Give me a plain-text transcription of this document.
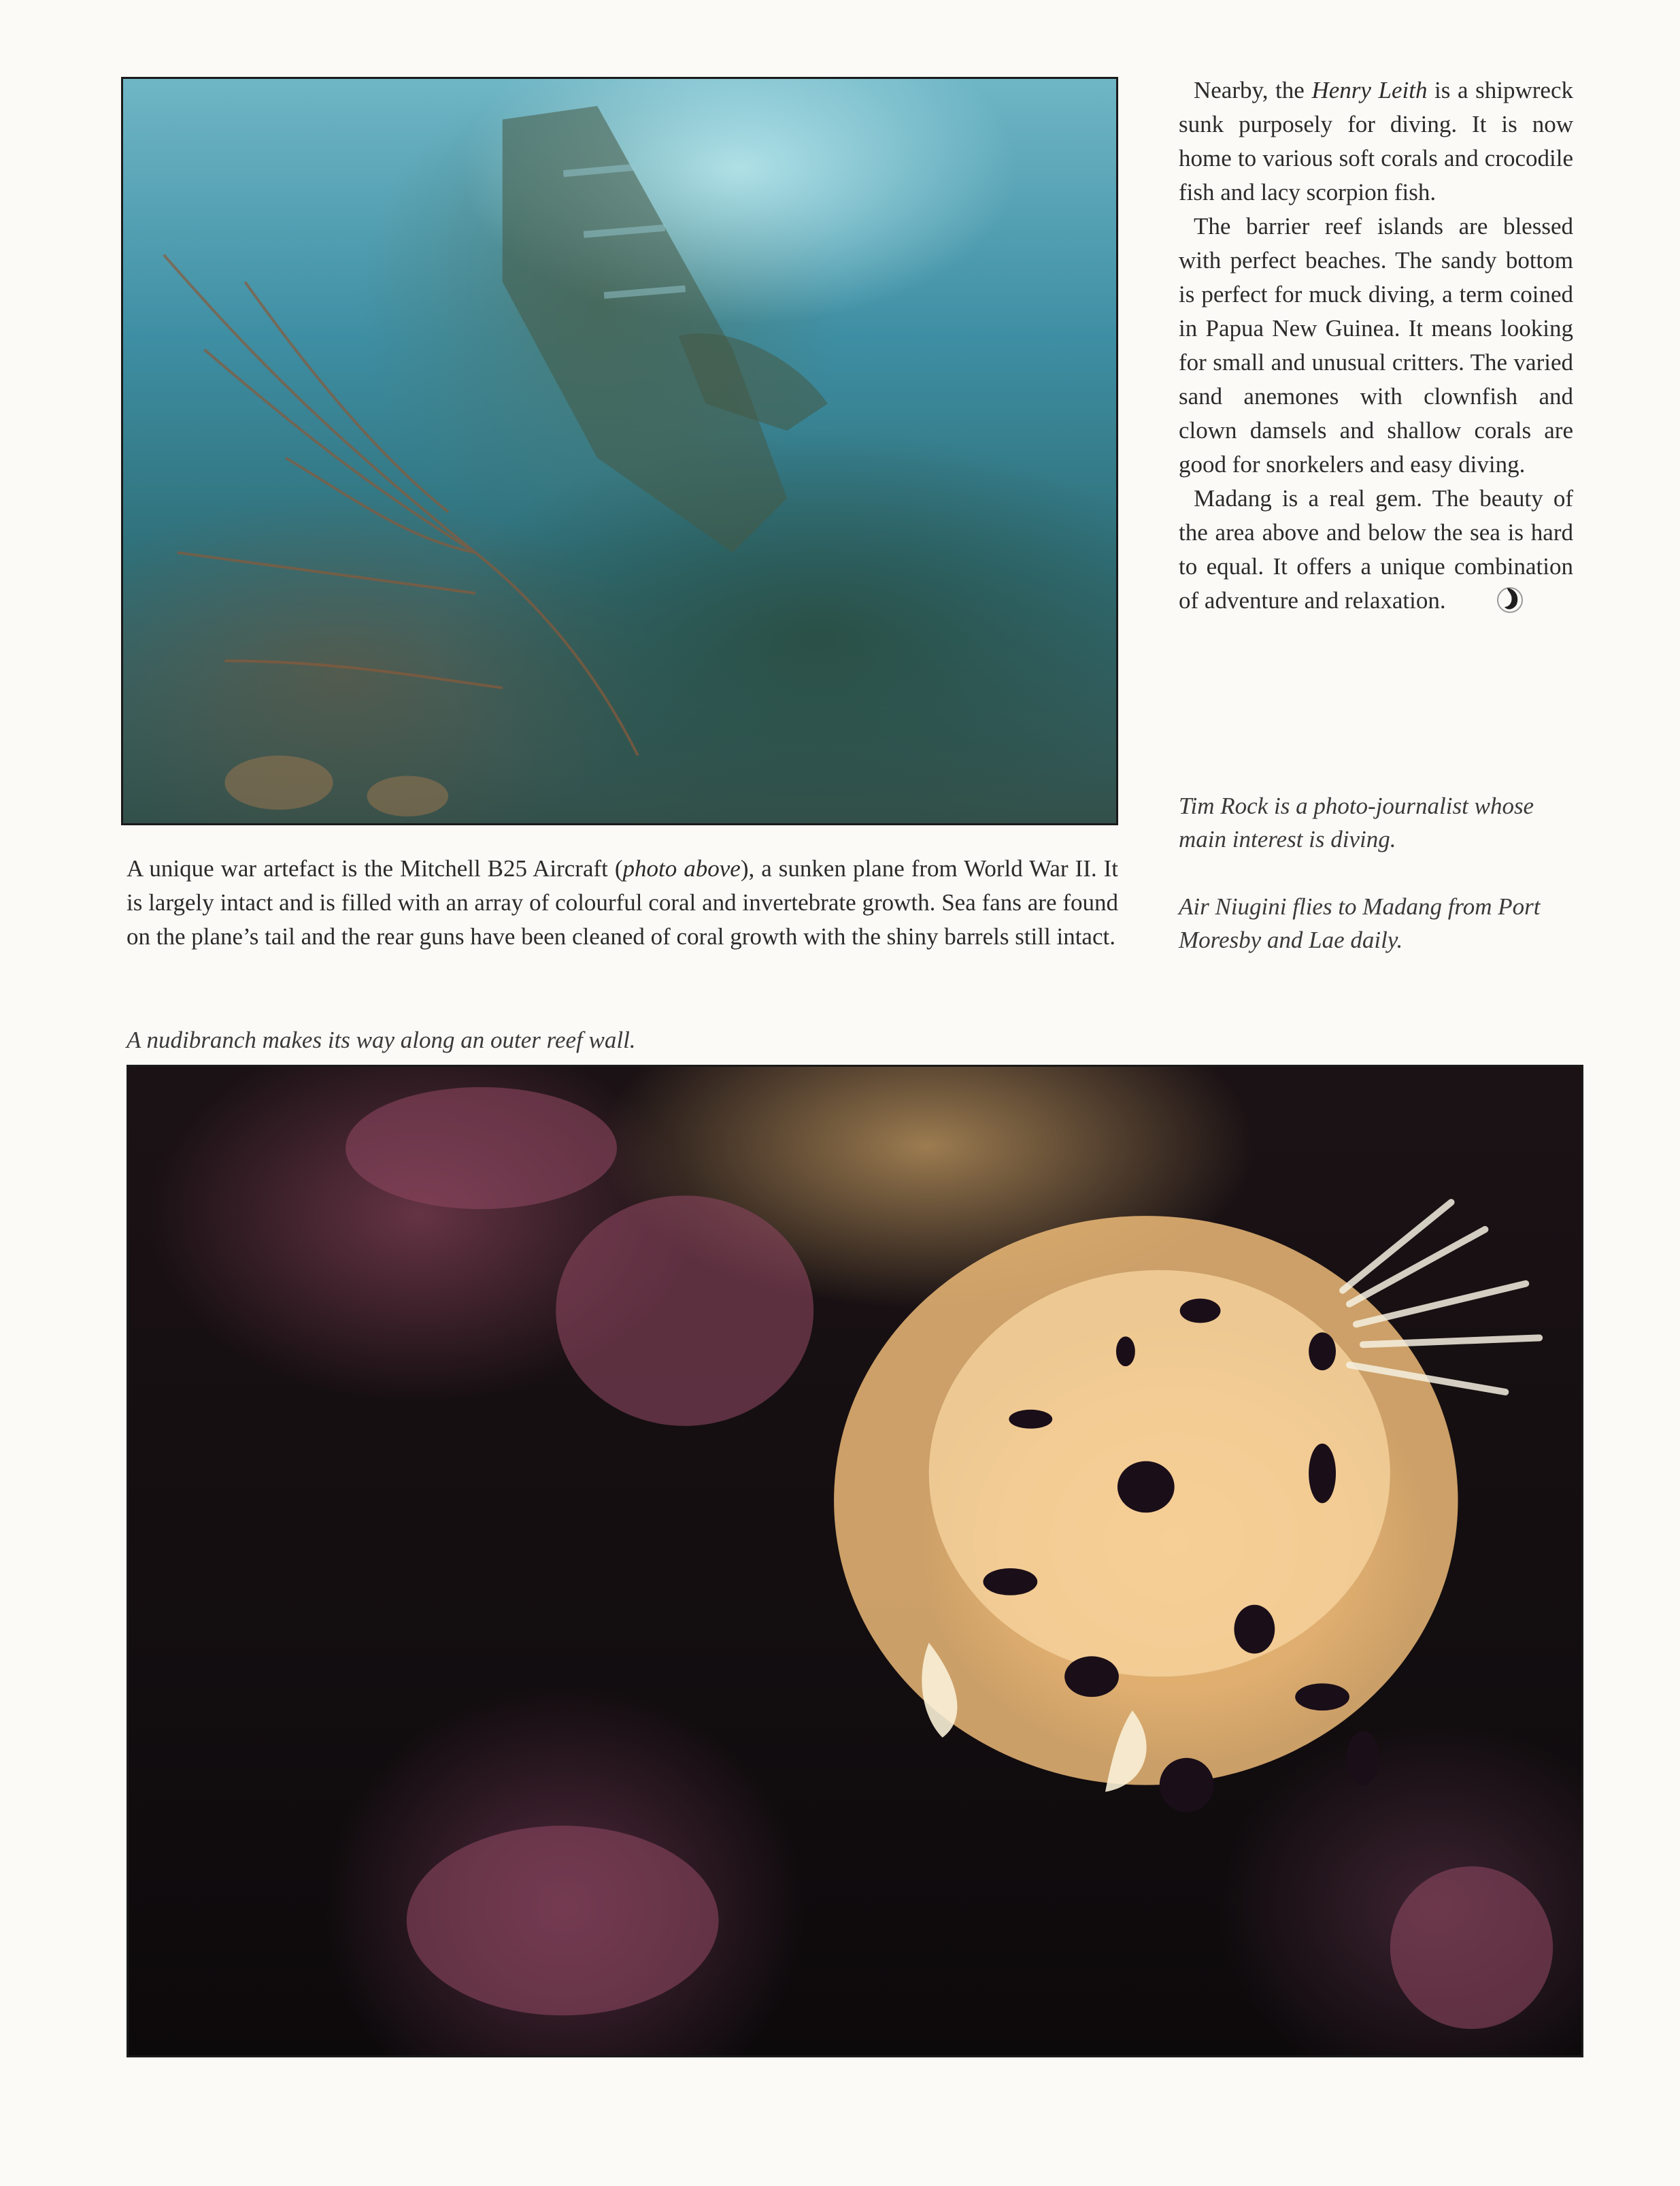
Nearby, the Henry Leith is a shipwreck sunk purposely for diving. It is now home to various soft corals and crocodile fish and lacy scorpion fish.

The barrier reef islands are blessed with perfect beaches. The sandy bottom is perfect for muck diving, a term coined in Papua New Guinea. It means looking for small and unusual critters. The varied sand anemones with clownfish and clown damsels and shallow corals are good for snorkelers and easy diving.

Madang is a real gem. The beauty of the area above and below the sea is hard to equal. It offers a unique combination of adventure and relaxation.

Tim Rock is a photo-journalist whose main interest is diving.
Air Niugini flies to Madang from Port Moresby and Lae daily.
A unique war artefact is the Mitchell B25 Aircraft (photo above), a sunken plane from World War II. It is largely intact and is filled with an array of colourful coral and invertebrate growth. Sea fans are found on the plane’s tail and the rear guns have been cleaned of coral growth with the shiny barrels still intact.
A nudibranch makes its way along an outer reef wall.
